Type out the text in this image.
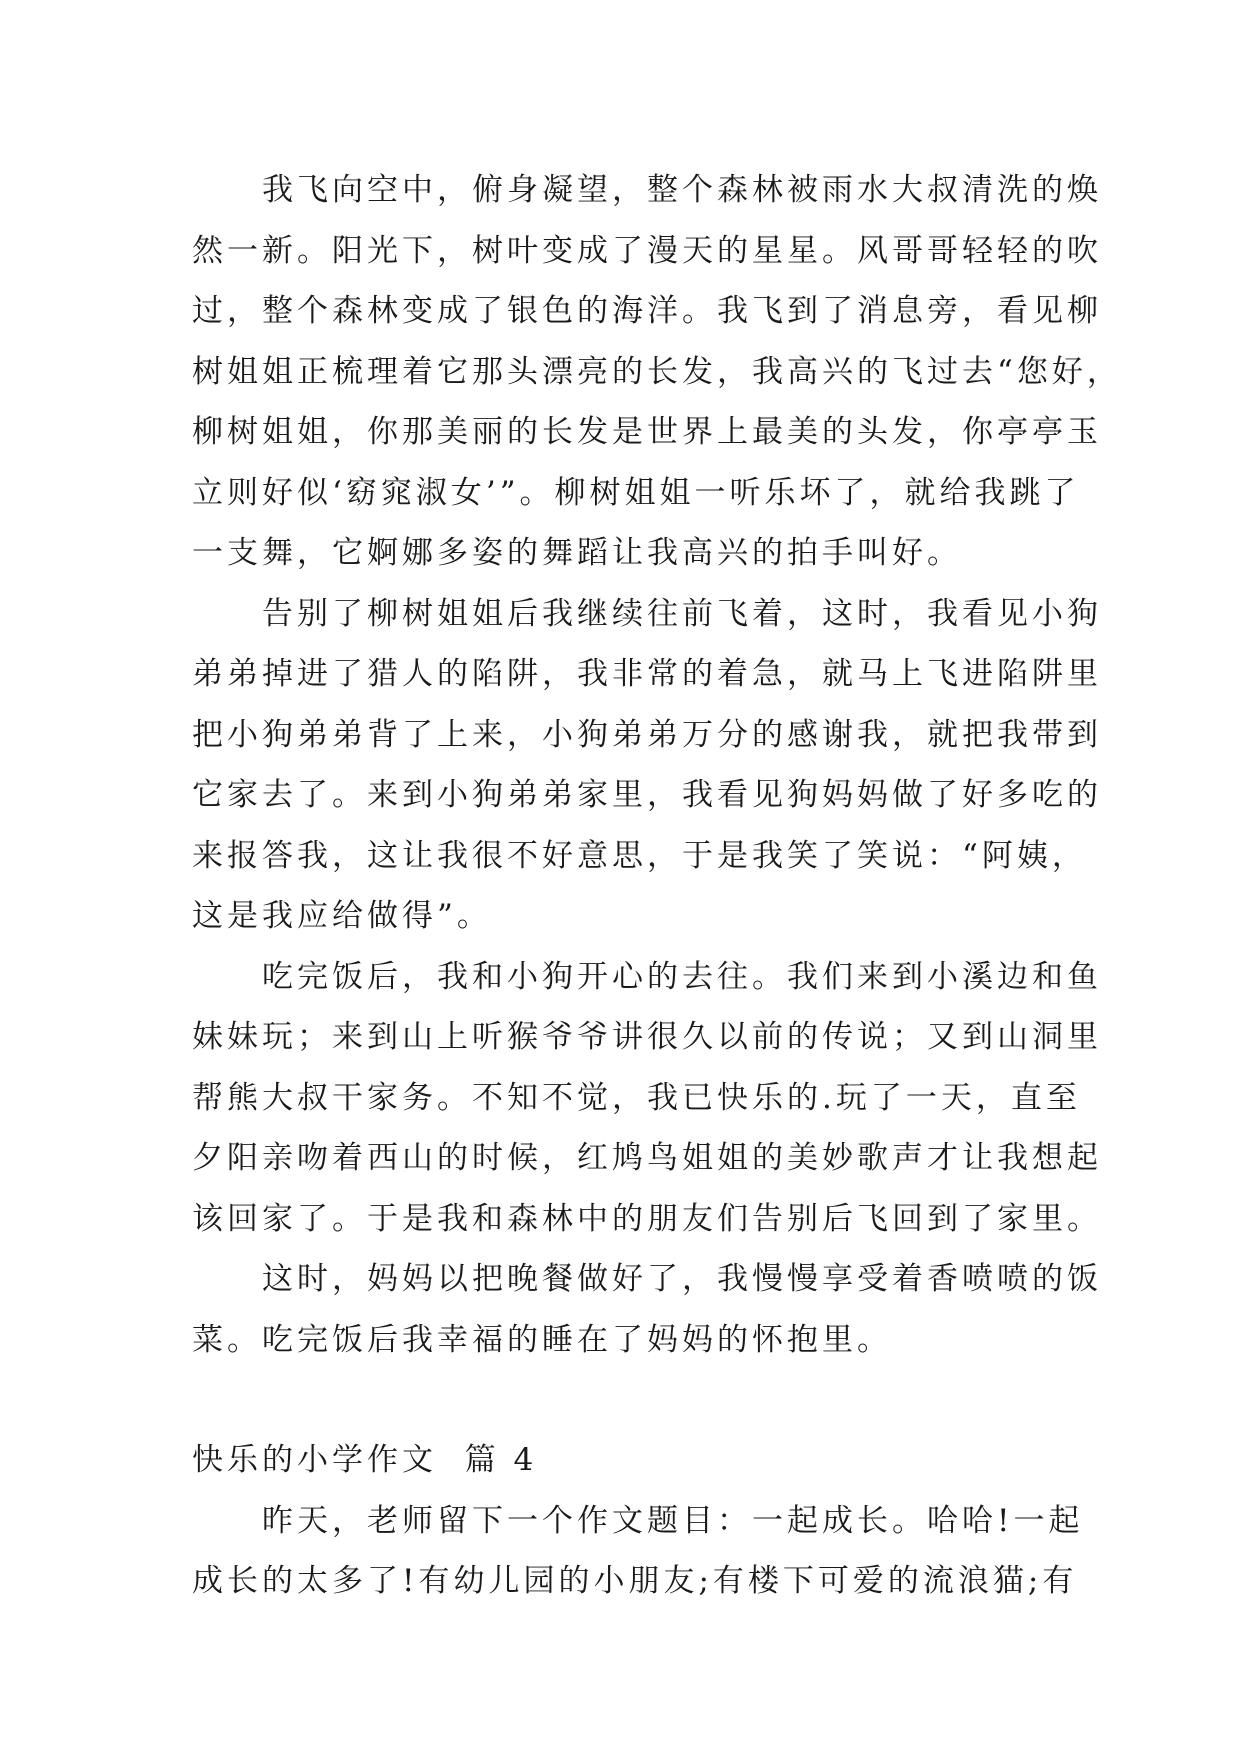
　　我飞向空中，俯身凝望，整个森林被雨水大叔清洗的焕
然一新。阳光下，树叶变成了漫天的星星。风哥哥轻轻的吹
过，整个森林变成了银色的海洋。我飞到了消息旁，看见柳
树姐姐正梳理着它那头漂亮的长发，我高兴的飞过去“您好，
柳树姐姐，你那美丽的长发是世界上最美的头发，你亭亭玉
立则好似‘窈窕淑女’”。柳树姐姐一听乐坏了，就给我跳了
一支舞，它婀娜多姿的舞蹈让我高兴的拍手叫好。
　　告别了柳树姐姐后我继续往前飞着，这时，我看见小狗
弟弟掉进了猎人的陷阱，我非常的着急，就马上飞进陷阱里
把小狗弟弟背了上来，小狗弟弟万分的感谢我，就把我带到
它家去了。来到小狗弟弟家里，我看见狗妈妈做了好多吃的
来报答我，这让我很不好意思，于是我笑了笑说：“阿姨，
这是我应给做得”。
　　吃完饭后，我和小狗开心的去往。我们来到小溪边和鱼
妹妹玩；来到山上听猴爷爷讲很久以前的传说；又到山洞里
帮熊大叔干家务。不知不觉，我已快乐的.玩了一天，直至
夕阳亲吻着西山的时候，红鸠鸟姐姐的美妙歌声才让我想起
该回家了。于是我和森林中的朋友们告别后飞回到了家里。
　　这时，妈妈以把晚餐做好了，我慢慢享受着香喷喷的饭
菜。吃完饭后我幸福的睡在了妈妈的怀抱里。
快乐的小学作文  篇 4
　　昨天，老师留下一个作文题目：一起成长。哈哈!一起
成长的太多了!有幼儿园的小朋友;有楼下可爱的流浪猫;有
